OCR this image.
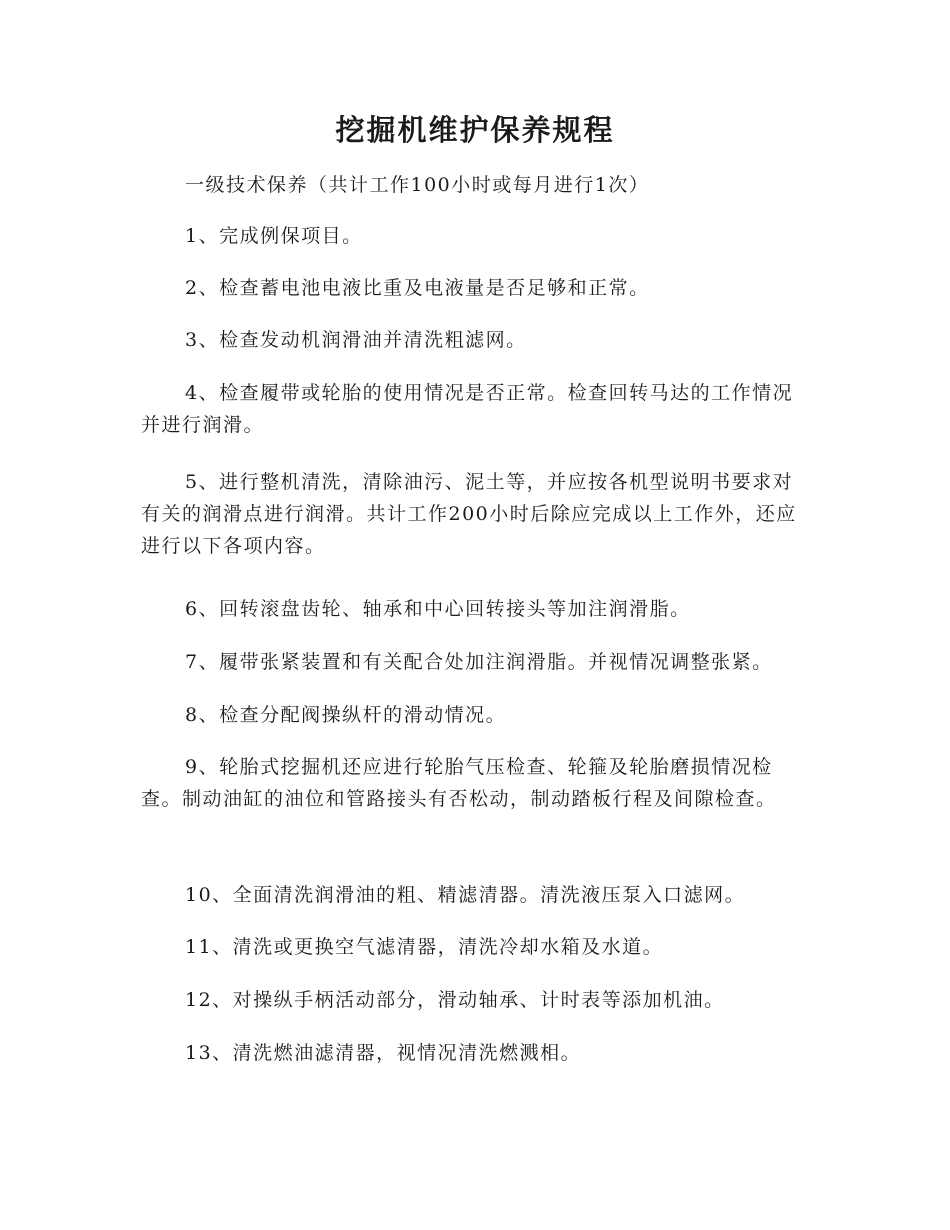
挖掘机维护保养规程
一级技术保养（共计工作100小时或每月进行1次）
1、完成例保项目。
2、检查蓄电池电液比重及电液量是否足够和正常。
3、检查发动机润滑油并清洗粗滤网。
4、检查履带或轮胎的使用情况是否正常。检查回转马达的工作情况并进行润滑。
5、进行整机清洗，清除油污、泥土等，并应按各机型说明书要求对有关的润滑点进行润滑。共计工作200小时后除应完成以上工作外，还应进行以下各项内容。
6、回转滚盘齿轮、轴承和中心回转接头等加注润滑脂。
7、履带张紧装置和有关配合处加注润滑脂。并视情况调整张紧。
8、检查分配阀操纵杆的滑动情况。
9、轮胎式挖掘机还应进行轮胎气压检查、轮箍及轮胎磨损情况检查。制动油缸的油位和管路接头有否松动，制动踏板行程及间隙检查。
10、全面清洗润滑油的粗、精滤清器。清洗液压泵入口滤网。
11、清洗或更换空气滤清器，清洗冷却水箱及水道。
12、对操纵手柄活动部分，滑动轴承、计时表等添加机油。
13、清洗燃油滤清器，视情况清洗燃溅相。
